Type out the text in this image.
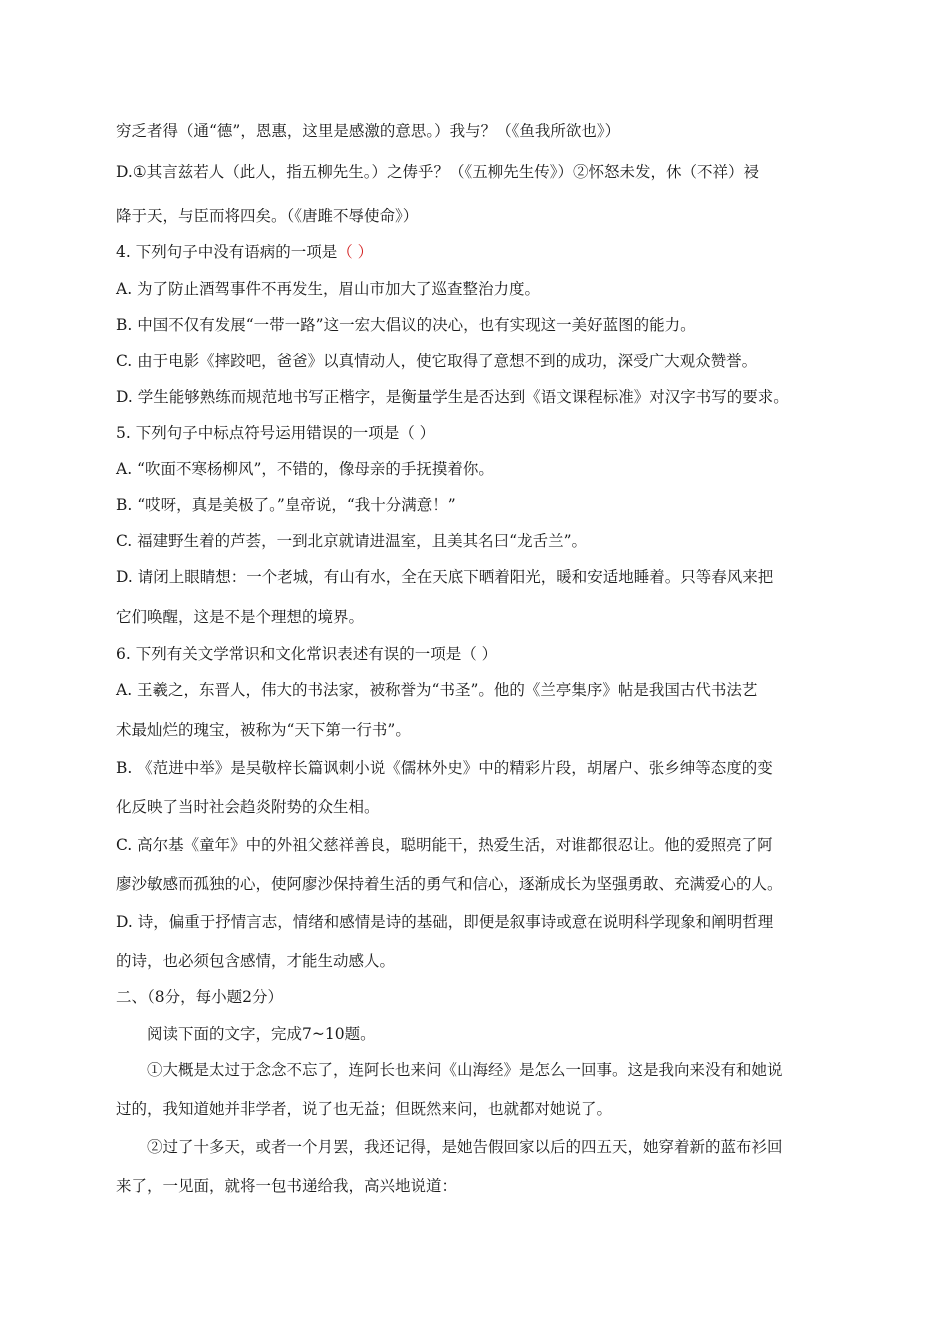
穷乏者得（通“德”，恩惠，这里是感激的意思。）我与？（《鱼我所欲也》）
D.①其言兹若人（此人，指五柳先生。）之俦乎？（《五柳先生传》）②怀怒未发，休（不祥）祲
降于天，与臣而将四矣。（《唐雎不辱使命》）
4. 下列句子中没有语病的一项是（ ）
A. 为了防止酒驾事件不再发生，眉山市加大了巡查整治力度。
B. 中国不仅有发展“一带一路”这一宏大倡议的决心，也有实现这一美好蓝图的能力。
C. 由于电影《摔跤吧，爸爸》以真情动人，使它取得了意想不到的成功，深受广大观众赞誉。
D. 学生能够熟练而规范地书写正楷字，是衡量学生是否达到《语文课程标准》对汉字书写的要求。
5. 下列句子中标点符号运用错误的一项是（ ）
A. “吹面不寒杨柳风”，不错的，像母亲的手抚摸着你。
B. “哎呀，真是美极了。”皇帝说，“我十分满意！”
C. 福建野生着的芦荟，一到北京就请进温室，且美其名曰“龙舌兰”。
D. 请闭上眼睛想：一个老城，有山有水，全在天底下晒着阳光，暖和安适地睡着。只等春风来把
它们唤醒，这是不是个理想的境界。
6. 下列有关文学常识和文化常识表述有误的一项是（ ）
A. 王羲之，东晋人，伟大的书法家，被称誉为“书圣”。他的《兰亭集序》帖是我国古代书法艺
术最灿烂的瑰宝，被称为“天下第一行书”。
B. 《范进中举》是吴敬梓长篇讽刺小说《儒林外史》中的精彩片段，胡屠户、张乡绅等态度的变
化反映了当时社会趋炎附势的众生相。
C. 高尔基《童年》中的外祖父慈祥善良，聪明能干，热爱生活，对谁都很忍让。他的爱照亮了阿
廖沙敏感而孤独的心，使阿廖沙保持着生活的勇气和信心，逐渐成长为坚强勇敢、充满爱心的人。
D. 诗，偏重于抒情言志，情绪和感情是诗的基础，即便是叙事诗或意在说明科学现象和阐明哲理
的诗，也必须包含感情，才能生动感人。
二、（8分，每小题2分）
阅读下面的文字，完成7~10题。
①大概是太过于念念不忘了，连阿长也来问《山海经》是怎么一回事。这是我向来没有和她说
过的，我知道她并非学者，说了也无益；但既然来问，也就都对她说了。
②过了十多天，或者一个月罢，我还记得，是她告假回家以后的四五天，她穿着新的蓝布衫回
来了，一见面，就将一包书递给我，高兴地说道：
